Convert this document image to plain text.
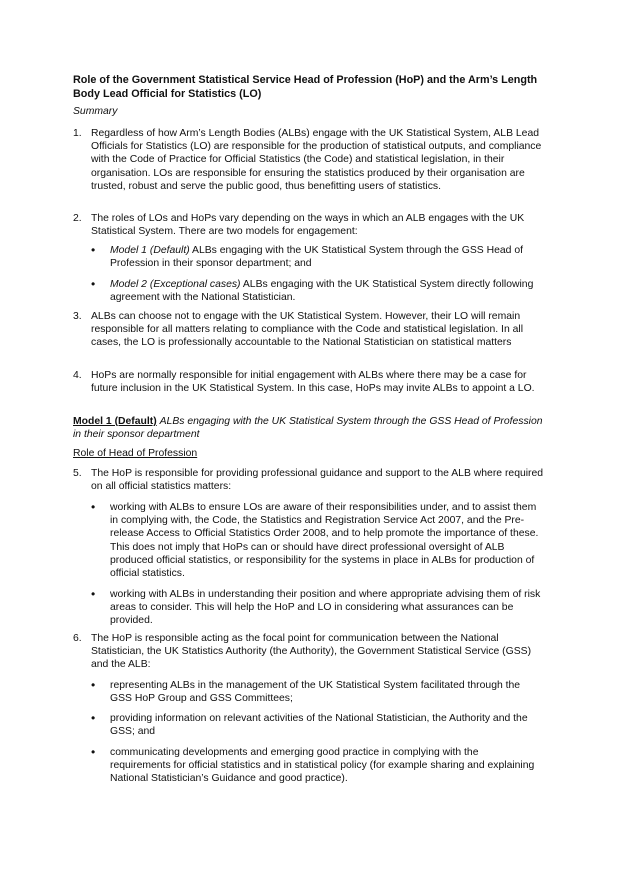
Role of the Government Statistical Service Head of Profession (HoP) and the Arm’s Length Body Lead Official for Statistics (LO)
Summary
1. Regardless of how Arm’s Length Bodies (ALBs) engage with the UK Statistical System, ALB Lead Officials for Statistics (LO) are responsible for the production of statistical outputs, and compliance with the Code of Practice for Official Statistics (the Code) and statistical legislation, in their organisation. LOs are responsible for ensuring the statistics produced by their organisation are trusted, robust and serve the public good, thus benefitting users of statistics.
2. The roles of LOs and HoPs vary depending on the ways in which an ALB engages with the UK Statistical System. There are two models for engagement:
• Model 1 (Default) ALBs engaging with the UK Statistical System through the GSS Head of Profession in their sponsor department; and
• Model 2 (Exceptional cases) ALBs engaging with the UK Statistical System directly following agreement with the National Statistician.
3. ALBs can choose not to engage with the UK Statistical System. However, their LO will remain responsible for all matters relating to compliance with the Code and statistical legislation. In all cases, the LO is professionally accountable to the National Statistician on statistical matters
4. HoPs are normally responsible for initial engagement with ALBs where there may be a case for future inclusion in the UK Statistical System. In this case, HoPs may invite ALBs to appoint a LO.
Model 1 (Default) ALBs engaging with the UK Statistical System through the GSS Head of Profession in their sponsor department
Role of Head of Profession
5. The HoP is responsible for providing professional guidance and support to the ALB where required on all official statistics matters:
• working with ALBs to ensure LOs are aware of their responsibilities under, and to assist them in complying with, the Code, the Statistics and Registration Service Act 2007, and the Pre-release Access to Official Statistics Order 2008, and to help promote the importance of these. This does not imply that HoPs can or should have direct professional oversight of ALB produced official statistics, or responsibility for the systems in place in ALBs for production of official statistics.
• working with ALBs in understanding their position and where appropriate advising them of risk areas to consider. This will help the HoP and LO in considering what assurances can be provided.
6. The HoP is responsible acting as the focal point for communication between the National Statistician, the UK Statistics Authority (the Authority), the Government Statistical Service (GSS) and the ALB:
• representing ALBs in the management of the UK Statistical System facilitated through the GSS HoP Group and GSS Committees;
• providing information on relevant activities of the National Statistician, the Authority and the GSS; and
• communicating developments and emerging good practice in complying with the requirements for official statistics and in statistical policy (for example sharing and explaining National Statistician’s Guidance and good practice).
